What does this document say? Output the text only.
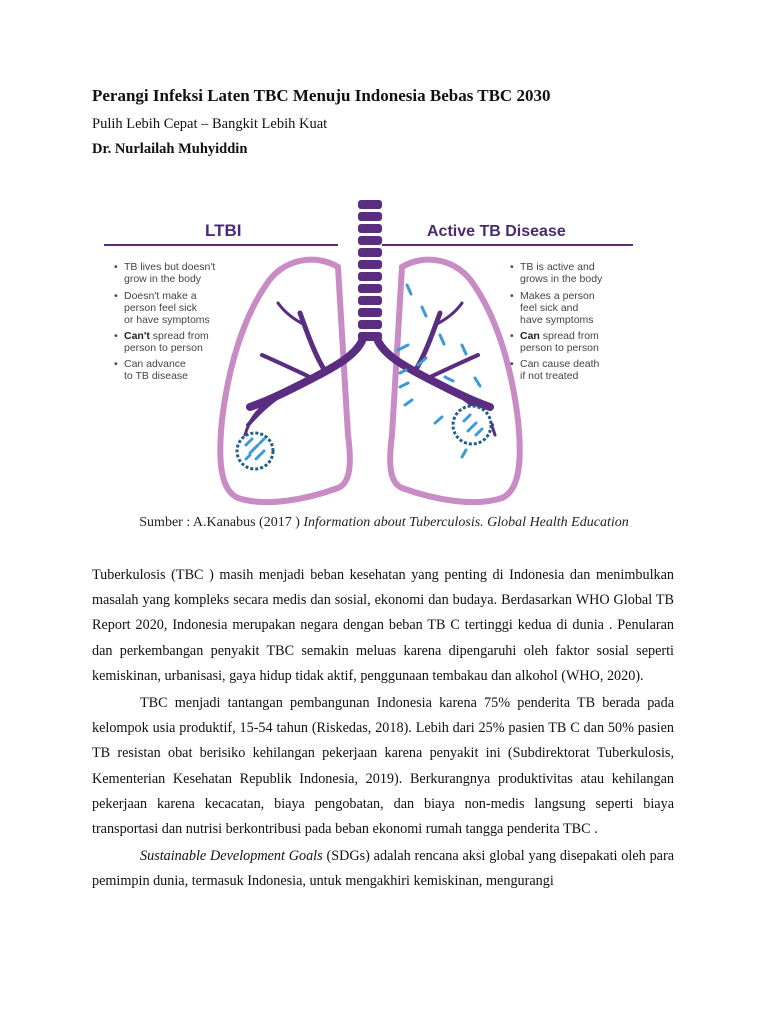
Perangi Infeksi Laten TBC Menuju Indonesia Bebas TBC 2030
Pulih Lebih Cepat – Bangkit Lebih Kuat
Dr. Nurlailah Muhyiddin
LTBI	Active TB Disease
• TB lives but doesn't
grow in the body
• Doesn't make a
person feel sick
or have symptoms
• Can't spread from
person to person
• Can advance
to TB disease
• TB is active and
grows in the body
• Makes a person
feel sick and
have symptoms
• Can spread from
person to person
• Can cause death
if not treated
Sumber : A.Kanabus (2017 ) Information about Tuberculosis. Global Health Education

Tuberkulosis (TBC ) masih menjadi beban kesehatan yang penting di Indonesia dan menimbulkan masalah yang kompleks secara medis dan sosial, ekonomi dan budaya. Berdasarkan WHO Global TB Report 2020, Indonesia merupakan negara dengan beban TB C tertinggi kedua di dunia . Penularan dan perkembangan penyakit TBC semakin meluas karena dipengaruhi oleh faktor sosial seperti kemiskinan, urbanisasi, gaya hidup tidak aktif, penggunaan tembakau dan alkohol (WHO, 2020).

TBC menjadi tantangan pembangunan Indonesia karena 75% penderita TB berada pada kelompok usia produktif, 15-54 tahun (Riskedas, 2018). Lebih dari 25% pasien TB C dan 50% pasien TB resistan obat berisiko kehilangan pekerjaan karena penyakit ini (Subdirektorat Tuberkulosis, Kementerian Kesehatan Republik Indonesia, 2019). Berkurangnya produktivitas atau kehilangan pekerjaan karena kecacatan, biaya pengobatan, dan biaya non-medis langsung seperti biaya transportasi dan nutrisi berkontribusi pada beban ekonomi rumah tangga penderita TBC .

Sustainable Development Goals (SDGs) adalah rencana aksi global yang disepakati oleh para pemimpin dunia, termasuk Indonesia, untuk mengakhiri kemiskinan, mengurangi
